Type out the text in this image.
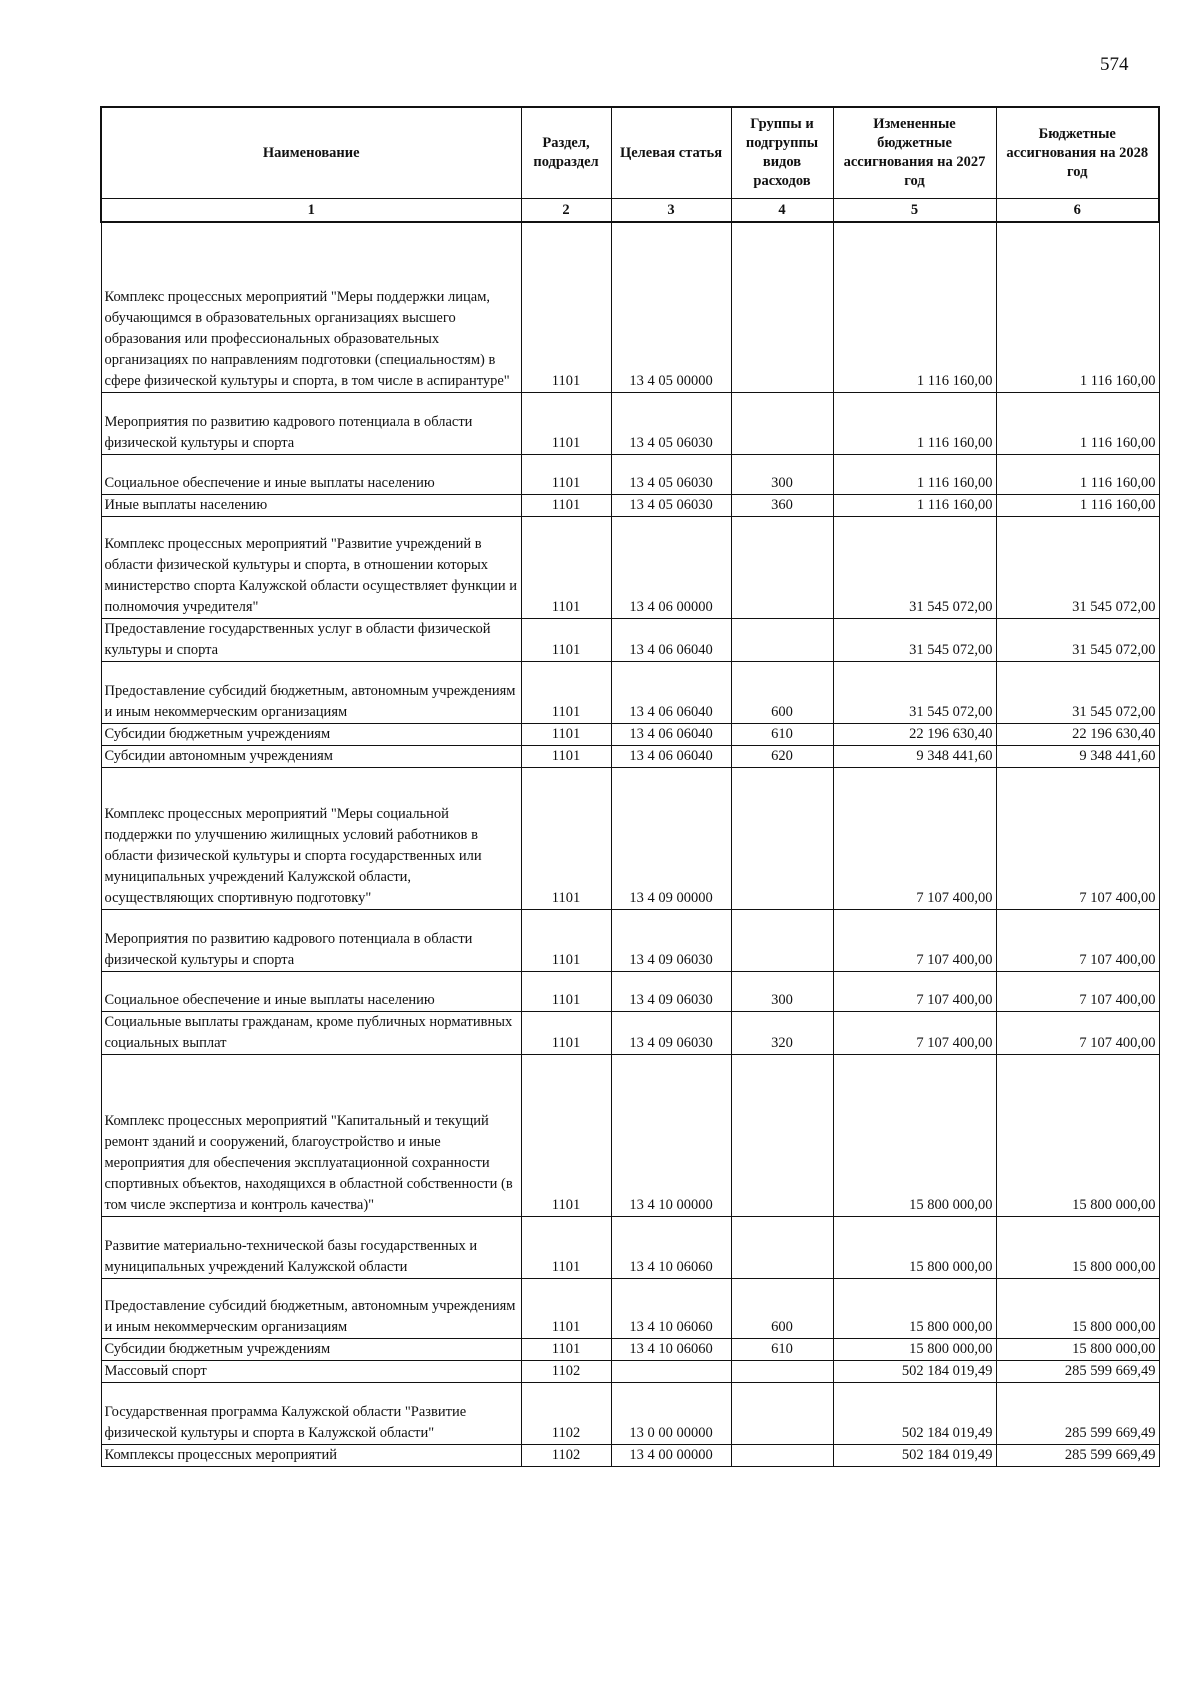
574
Наименование	Раздел, подраздел	Целевая статья	Группы и подгруппы видов расходов	Измененные бюджетные ассигнования на 2027 год	Бюджетные ассигнования на 2028 год
1	2	3	4	5	6
Комплекс процессных мероприятий "Меры поддержки лицам, обучающимся в образовательных организациях высшего образования или профессиональных образовательных организациях по направлениям подготовки (специальностям) в сфере физической культуры и спорта, в том числе в аспирантуре"	1101	13 4 05 00000		1 116 160,00	1 116 160,00
Мероприятия по развитию кадрового потенциала в области физической культуры и спорта	1101	13 4 05 06030		1 116 160,00	1 116 160,00
Социальное обеспечение и иные выплаты населению	1101	13 4 05 06030	300	1 116 160,00	1 116 160,00
Иные выплаты населению	1101	13 4 05 06030	360	1 116 160,00	1 116 160,00
Комплекс процессных мероприятий "Развитие учреждений в области физической культуры и спорта, в отношении которых министерство спорта Калужской области осуществляет функции и полномочия учредителя"	1101	13 4 06 00000		31 545 072,00	31 545 072,00
Предоставление государственных услуг в области физической культуры и спорта	1101	13 4 06 06040		31 545 072,00	31 545 072,00
Предоставление субсидий бюджетным, автономным учреждениям и иным некоммерческим организациям	1101	13 4 06 06040	600	31 545 072,00	31 545 072,00
Субсидии бюджетным учреждениям	1101	13 4 06 06040	610	22 196 630,40	22 196 630,40
Субсидии автономным учреждениям	1101	13 4 06 06040	620	9 348 441,60	9 348 441,60
Комплекс процессных мероприятий "Меры социальной поддержки по улучшению жилищных условий работников в области физической культуры и спорта государственных или муниципальных учреждений Калужской области, осуществляющих спортивную подготовку"	1101	13 4 09 00000		7 107 400,00	7 107 400,00
Мероприятия по развитию кадрового потенциала в области физической культуры и спорта	1101	13 4 09 06030		7 107 400,00	7 107 400,00
Социальное обеспечение и иные выплаты населению	1101	13 4 09 06030	300	7 107 400,00	7 107 400,00
Социальные выплаты гражданам, кроме публичных нормативных социальных выплат	1101	13 4 09 06030	320	7 107 400,00	7 107 400,00
Комплекс процессных мероприятий "Капитальный и текущий ремонт зданий и сооружений, благоустройство и иные мероприятия для обеспечения эксплуатационной сохранности спортивных объектов, находящихся в областной собственности (в том числе экспертиза и контроль качества)"	1101	13 4 10 00000		15 800 000,00	15 800 000,00
Развитие материально-технической базы государственных и муниципальных учреждений Калужской области	1101	13 4 10 06060		15 800 000,00	15 800 000,00
Предоставление субсидий бюджетным, автономным учреждениям и иным некоммерческим организациям	1101	13 4 10 06060	600	15 800 000,00	15 800 000,00
Субсидии бюджетным учреждениям	1101	13 4 10 06060	610	15 800 000,00	15 800 000,00
Массовый спорт	1102			502 184 019,49	285 599 669,49
Государственная программа Калужской области "Развитие физической культуры и спорта в Калужской области"	1102	13 0 00 00000		502 184 019,49	285 599 669,49
Комплексы процессных мероприятий	1102	13 4 00 00000		502 184 019,49	285 599 669,49
